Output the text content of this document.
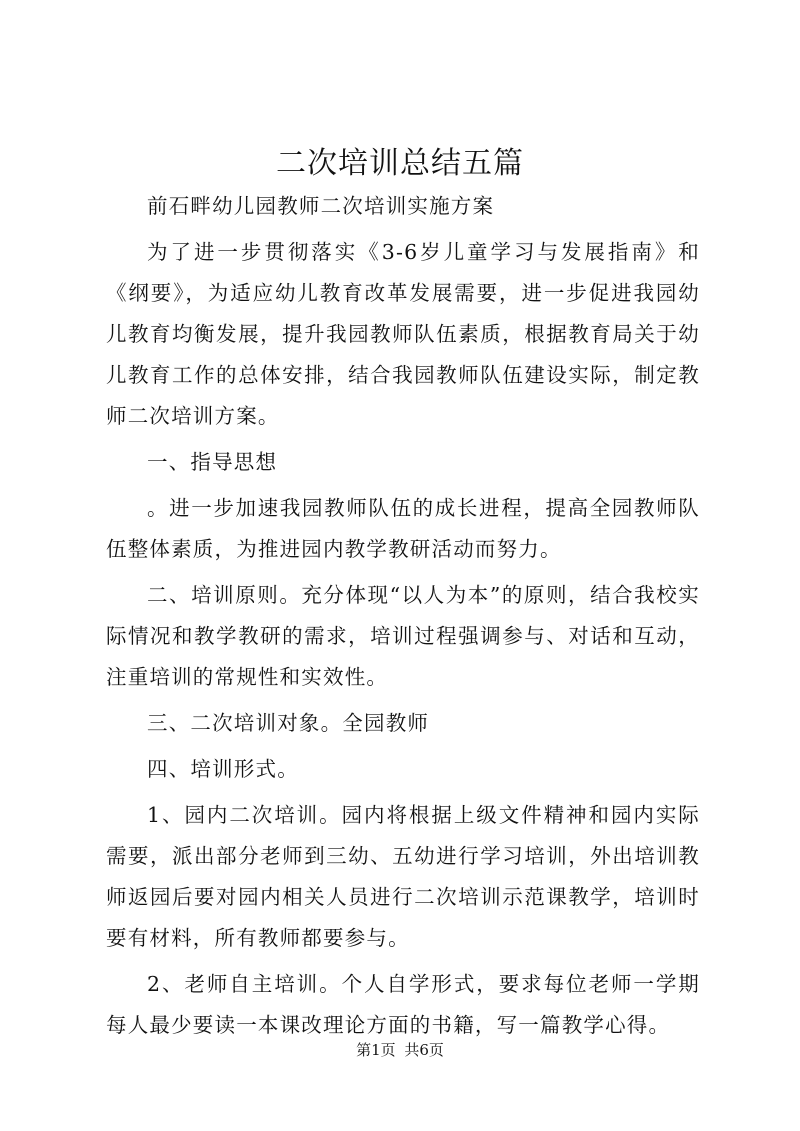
二次培训总结五篇

前石畔幼儿园教师二次培训实施方案

为了进一步贯彻落实《3-6岁儿童学习与发展指南》和《纲要》，为适应幼儿教育改革发展需要，进一步促进我园幼儿教育均衡发展，提升我园教师队伍素质，根据教育局关于幼儿教育工作的总体安排，结合我园教师队伍建设实际，制定教师二次培训方案。

一、指导思想

。进一步加速我园教师队伍的成长进程，提高全园教师队伍整体素质，为推进园内教学教研活动而努力。

二、培训原则。充分体现“以人为本”的原则，结合我校实际情况和教学教研的需求，培训过程强调参与、对话和互动，注重培训的常规性和实效性。

三、二次培训对象。全园教师

四、培训形式。

1、园内二次培训。园内将根据上级文件精神和园内实际需要，派出部分老师到三幼、五幼进行学习培训，外出培训教师返园后要对园内相关人员进行二次培训示范课教学，培训时要有材料，所有教师都要参与。

2、老师自主培训。个人自学形式，要求每位老师一学期每人最少要读一本课改理论方面的书籍，写一篇教学心得。

第1页 共6页
